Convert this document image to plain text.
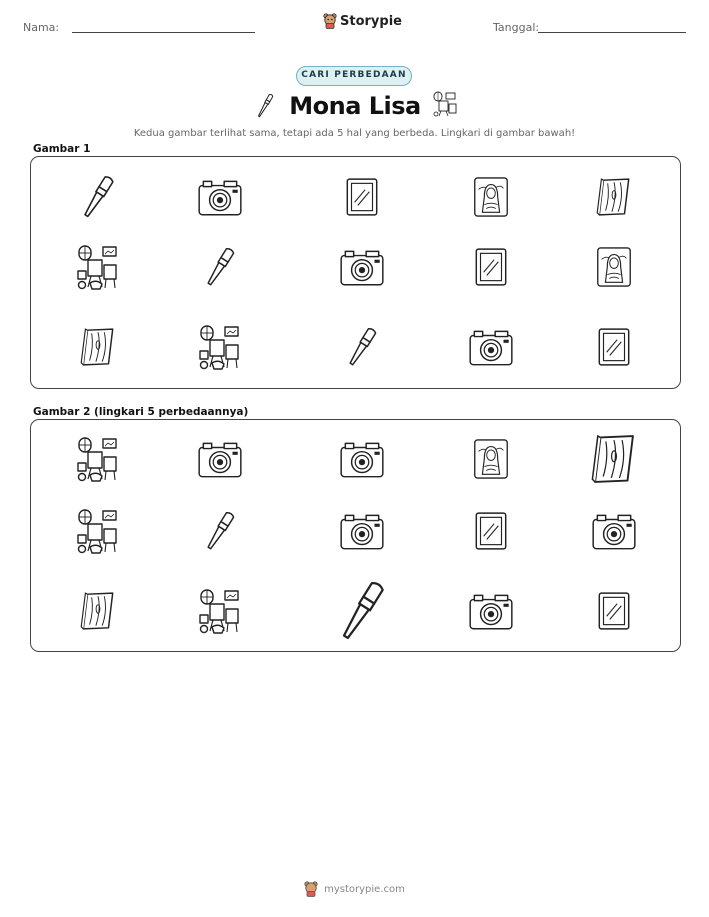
Nama:	Storypie	Tanggal:
CARI PERBEDAAN
Mona Lisa
Kedua gambar terlihat sama, tetapi ada 5 hal yang berbeda. Lingkari di gambar bawah!
Gambar 1
Gambar 2 (lingkari 5 perbedaannya)
mystorypie.com
